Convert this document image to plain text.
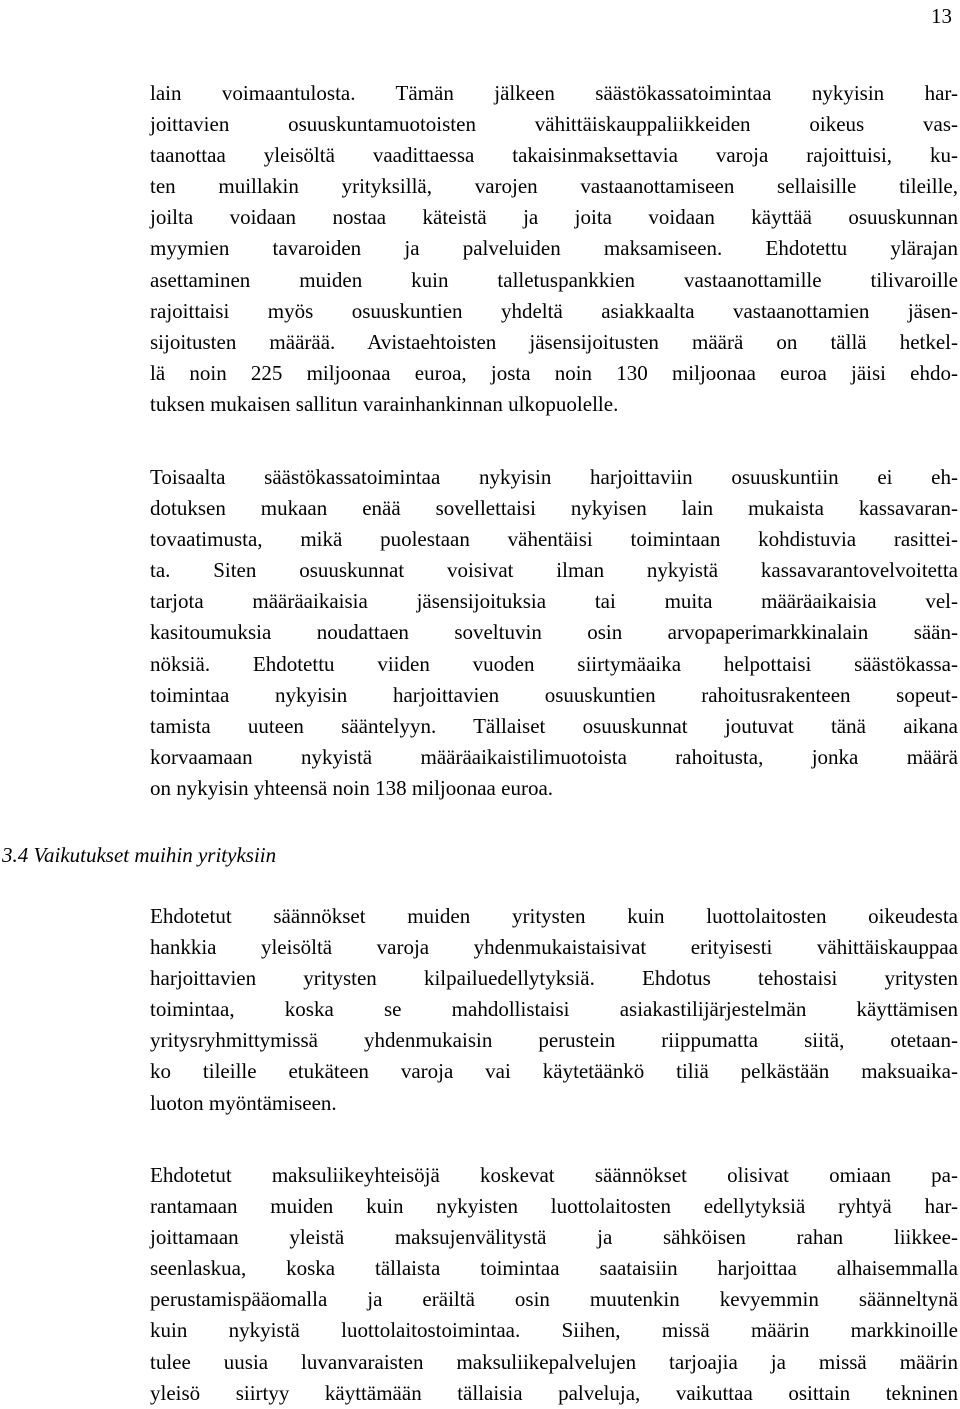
13
lain voimaantulosta. Tämän jälkeen säästökassatoimintaa nykyisin har-
joittavien osuuskuntamuotoisten vähittäiskauppaliikkeiden oikeus vas-
taanottaa yleisöltä vaadittaessa takaisinmaksettavia varoja rajoittuisi, ku-
ten muillakin yrityksillä, varojen vastaanottamiseen sellaisille tileille,
joilta voidaan nostaa käteistä ja joita voidaan käyttää osuuskunnan
myymien tavaroiden ja palveluiden maksamiseen. Ehdotettu ylärajan
asettaminen muiden kuin talletuspankkien vastaanottamille tilivaroille
rajoittaisi myös osuuskuntien yhdeltä asiakkaalta vastaanottamien jäsen-
sijoitusten määrää. Avistaehtoisten jäsensijoitusten määrä on tällä hetkel-
lä noin 225 miljoonaa euroa, josta noin 130 miljoonaa euroa jäisi ehdo-
tuksen mukaisen sallitun varainhankinnan ulkopuolelle.
Toisaalta säästökassatoimintaa nykyisin harjoittaviin osuuskuntiin ei eh-
dotuksen mukaan enää sovellettaisi nykyisen lain mukaista kassavaran-
tovaatimusta, mikä puolestaan vähentäisi toimintaan kohdistuvia rasittei-
ta. Siten osuuskunnat voisivat ilman nykyistä kassavarantovelvoitetta
tarjota määräaikaisia jäsensijoituksia tai muita määräaikaisia vel-
kasitoumuksia noudattaen soveltuvin osin arvopaperimarkkinalain sään-
nöksiä. Ehdotettu viiden vuoden siirtymäaika helpottaisi säästökassa-
toimintaa nykyisin harjoittavien osuuskuntien rahoitusrakenteen sopeut-
tamista uuteen sääntelyyn. Tällaiset osuuskunnat joutuvat tänä aikana
korvaamaan nykyistä määräaikaistilimuotoista rahoitusta, jonka määrä
on nykyisin yhteensä noin 138 miljoonaa euroa.
3.4 Vaikutukset muihin yrityksiin
Ehdotetut säännökset muiden yritysten kuin luottolaitosten oikeudesta
hankkia yleisöltä varoja yhdenmukaistaisivat erityisesti vähittäiskauppaa
harjoittavien yritysten kilpailuedellytyksiä. Ehdotus tehostaisi yritysten
toimintaa, koska se mahdollistaisi asiakastilijärjestelmän käyttämisen
yritysryhmittymissä yhdenmukaisin perustein riippumatta siitä, otetaan-
ko tileille etukäteen varoja vai käytetäänkö tiliä pelkästään maksuaika-
luoton myöntämiseen.
Ehdotetut maksuliikeyhteisöjä koskevat säännökset olisivat omiaan pa-
rantamaan muiden kuin nykyisten luottolaitosten edellytyksiä ryhtyä har-
joittamaan yleistä maksujenvälitystä ja sähköisen rahan liikkee-
seenlaskua, koska tällaista toimintaa saataisiin harjoittaa alhaisemmalla
perustamispääomalla ja eräiltä osin muutenkin kevyemmin säänneltynä
kuin nykyistä luottolaitostoimintaa. Siihen, missä määrin markkinoille
tulee uusia luvanvaraisten maksuliikepalvelujen tarjoajia ja missä määrin
yleisö siirtyy käyttämään tällaisia palveluja, vaikuttaa osittain tekninen
